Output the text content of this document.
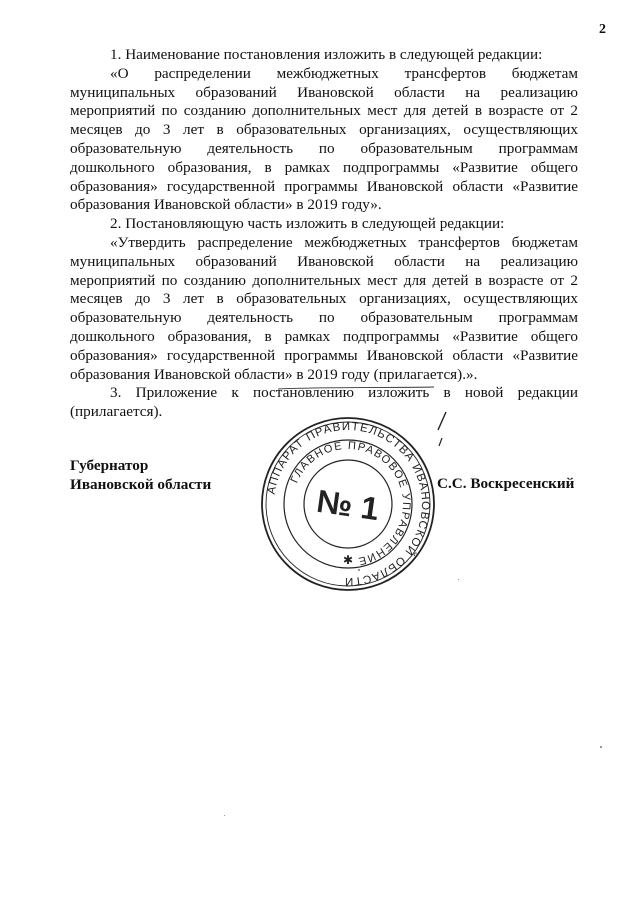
2

1. Наименование постановления изложить в следующей редакции:

«О распределении межбюджетных трансфертов бюджетам муниципальных образований Ивановской области на реализацию мероприятий по созданию дополнительных мест для детей в возрасте от 2 месяцев до 3 лет в образовательных организациях, осуществляющих образовательную деятельность по образовательным программам дошкольного образования, в рамках подпрограммы «Развитие общего образования» государственной программы Ивановской области «Развитие образования Ивановской области» в 2019 году».

2. Постановляющую часть изложить в следующей редакции:

«Утвердить распределение межбюджетных трансфертов бюджетам муниципальных образований Ивановской области на реализацию мероприятий по созданию дополнительных мест для детей в возрасте от 2 месяцев до 3 лет в образовательных организациях, осуществляющих образовательную деятельность по образовательным программам дошкольного образования, в рамках подпрограммы «Развитие общего образования» государственной программы Ивановской области «Развитие образования Ивановской области» в 2019 году (прилагается).».

3. Приложение к постановлению изложить в новой редакции (прилагается).

Губернатор
Ивановской области	С.С. Воскресенский
АППАРАТ ПРАВИТЕЛЬСТВА ИВАНОВСКОЙ ОБЛАСТИ
ГЛАВНОЕ ПРАВОВОЕ УПРАВЛЕНИЕ
№ 1
✱
